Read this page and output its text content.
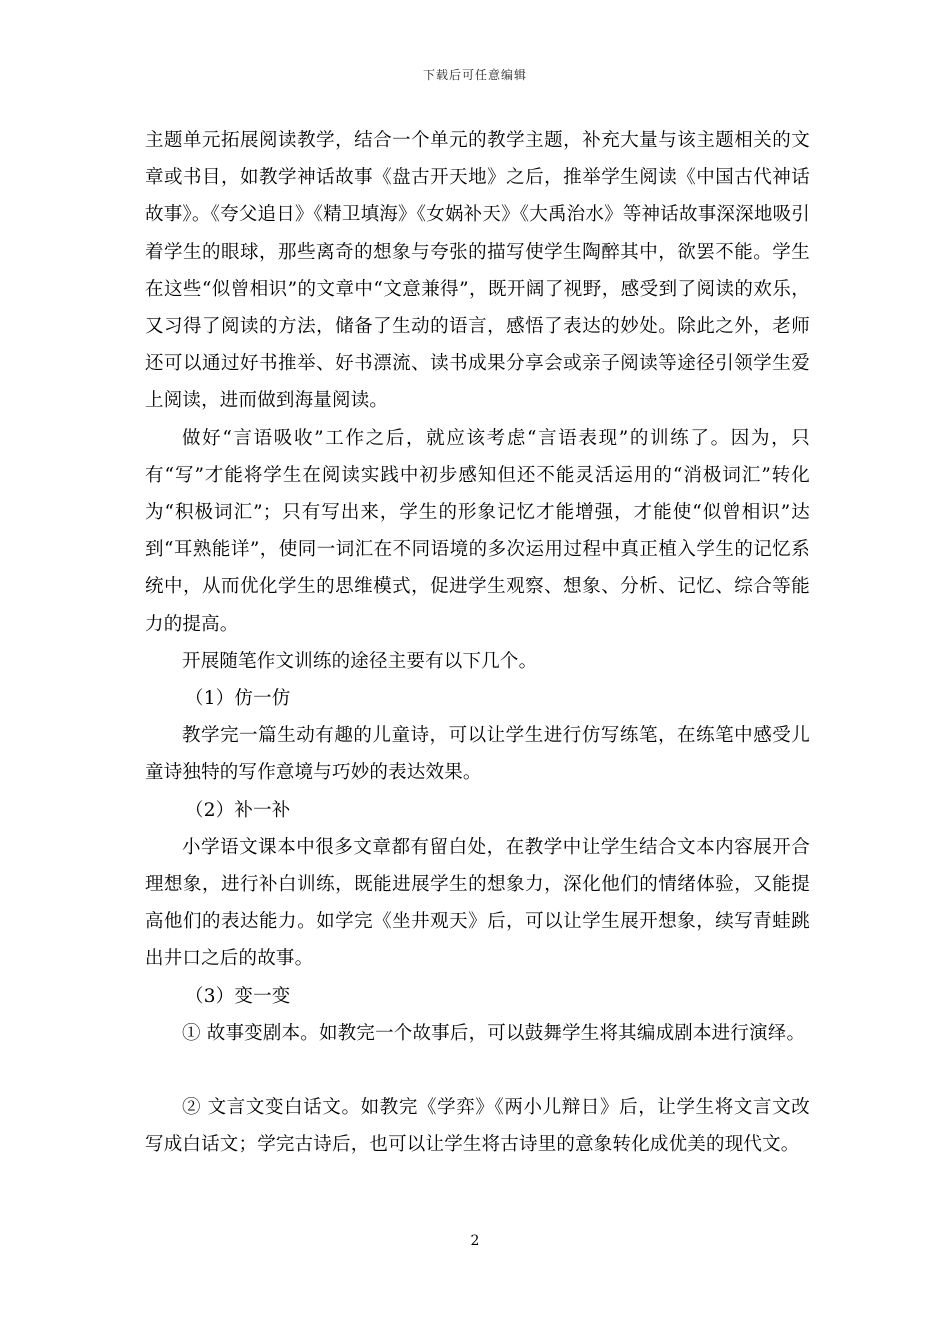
下载后可任意编辑

主题单元拓展阅读教学，结合一个单元的教学主题，补充大量与该主题相关的文章或书目，如教学神话故事《盘古开天地》之后，推举学生阅读《中国古代神话故事》。《夸父追日》《精卫填海》《女娲补天》《大禹治水》等神话故事深深地吸引着学生的眼球，那些离奇的想象与夸张的描写使学生陶醉其中，欲罢不能。学生在这些“似曾相识”的文章中“文意兼得”，既开阔了视野，感受到了阅读的欢乐，又习得了阅读的方法，储备了生动的语言，感悟了表达的妙处。除此之外，老师还可以通过好书推举、好书漂流、读书成果分享会或亲子阅读等途径引领学生爱上阅读，进而做到海量阅读。

做好“言语吸收”工作之后，就应该考虑“言语表现”的训练了。因为，只有“写”才能将学生在阅读实践中初步感知但还不能灵活运用的“消极词汇”转化为“积极词汇”；只有写出来，学生的形象记忆才能增强，才能使“似曾相识”达到“耳熟能详”，使同一词汇在不同语境的多次运用过程中真正植入学生的记忆系统中，从而优化学生的思维模式，促进学生观察、想象、分析、记忆、综合等能力的提高。

开展随笔作文训练的途径主要有以下几个。

（1）仿一仿

教学完一篇生动有趣的儿童诗，可以让学生进行仿写练笔，在练笔中感受儿童诗独特的写作意境与巧妙的表达效果。

（2）补一补

小学语文课本中很多文章都有留白处，在教学中让学生结合文本内容展开合理想象，进行补白训练，既能进展学生的想象力，深化他们的情绪体验，又能提高他们的表达能力。如学完《坐井观天》后，可以让学生展开想象，续写青蛙跳出井口之后的故事。

（3）变一变

① 故事变剧本。如教完一个故事后，可以鼓舞学生将其编成剧本进行演绎。

② 文言文变白话文。如教完《学弈》《两小儿辩日》后，让学生将文言文改写成白话文；学完古诗后，也可以让学生将古诗里的意象转化成优美的现代文。

2
